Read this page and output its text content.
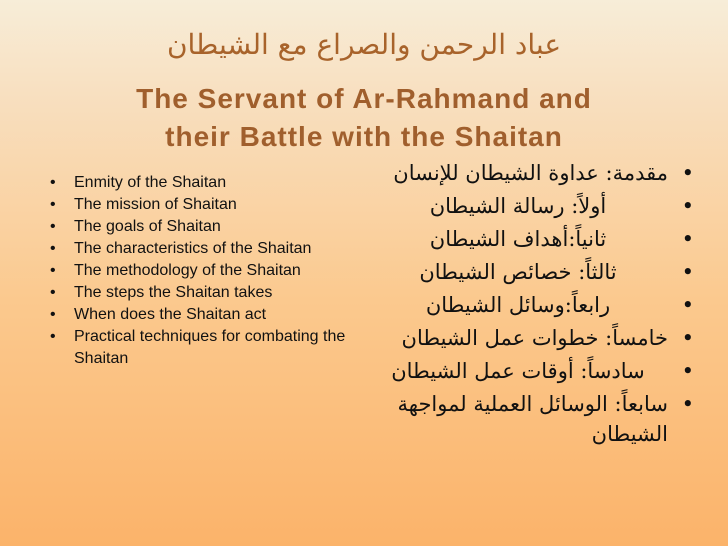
عباد الرحمن والصراع مع الشيطان
The Servant of Ar-Rahmand and
their Battle with the Shaitan
• Enmity of the Shaitan
• The mission of Shaitan
• The goals of Shaitan
• The characteristics of the Shaitan
• The methodology of the Shaitan
• The steps the Shaitan takes
• When does the Shaitan act
• Practical techniques for combating the Shaitan
• مقدمة: عداوة الشيطان للإنسان
• أولاً: رسالة الشيطان
• ثانياً:أهداف الشيطان
• ثالثاً: خصائص الشيطان
• رابعاً:وسائل الشيطان
• خامساً: خطوات عمل الشيطان
• سادساً: أوقات عمل الشيطان
• سابعاً: الوسائل العملية لمواجهة الشيطان
